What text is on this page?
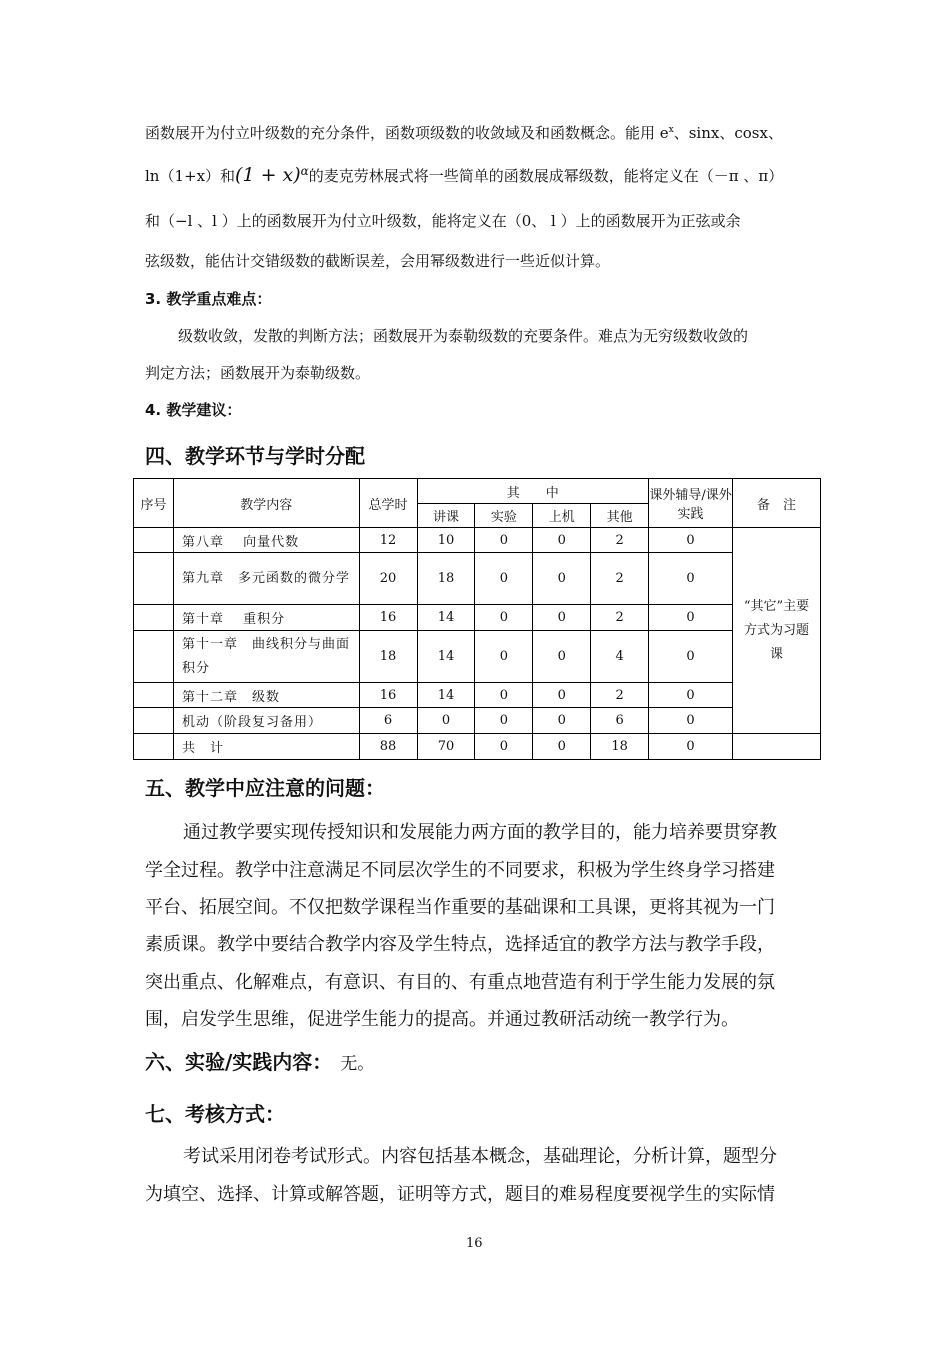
函数展开为付立叶级数的充分条件，函数项级数的收敛域及和函数概念。能用 $e^x$、sinx、cosx、
ln（1+x）和$(1 + x)^\alpha$的麦克劳林展式将一些简单的函数展成幂级数，能将定义在（－π 、π）
和（−l 、l ）上的函数展开为付立叶级数，能将定义在（0、 l ）上的函数展开为正弦或余
弦级数，能估计交错级数的截断误差，会用幂级数进行一些近似计算。
3. 教学重点难点：
级数收敛，发散的判断方法；函数展开为泰勒级数的充要条件。难点为无穷级数收敛的
判定方法；函数展开为泰勒级数。
4. 教学建议：
四、教学环节与学时分配
序号	教学内容	总学时	其　　中				课外辅导/课外实践	备　注
			讲课	实验	上机	其他		
	第八章　 向量代数	12	10	0	0	2	0	“其它”主要方式为习题课

	第九章　多元函数的微分学	20	18	0	0	2	0	
	第十章　 重积分	16	14	0	0	2	0	
	第十一章　曲线积分与曲面积分	18	14	0	0	4	0	
	第十二章　级数	16	14	0	0	2	0	
	机动（阶段复习备用）	6	0	0	0	6	0	
	共　计	88	70	0	0	18	0	
五、教学中应注意的问题：
通过教学要实现传授知识和发展能力两方面的教学目的，能力培养要贯穿教
学全过程。教学中注意满足不同层次学生的不同要求，积极为学生终身学习搭建
平台、拓展空间。不仅把数学课程当作重要的基础课和工具课，更将其视为一门
素质课。教学中要结合教学内容及学生特点，选择适宜的教学方法与教学手段，
突出重点、化解难点，有意识、有目的、有重点地营造有利于学生能力发展的氛
围，启发学生思维，促进学生能力的提高。并通过教研活动统一教学行为。
六、实验/实践内容： 无。
七、考核方式：
考试采用闭卷考试形式。内容包括基本概念，基础理论，分析计算，题型分
为填空、选择、计算或解答题，证明等方式，题目的难易程度要视学生的实际情
16
